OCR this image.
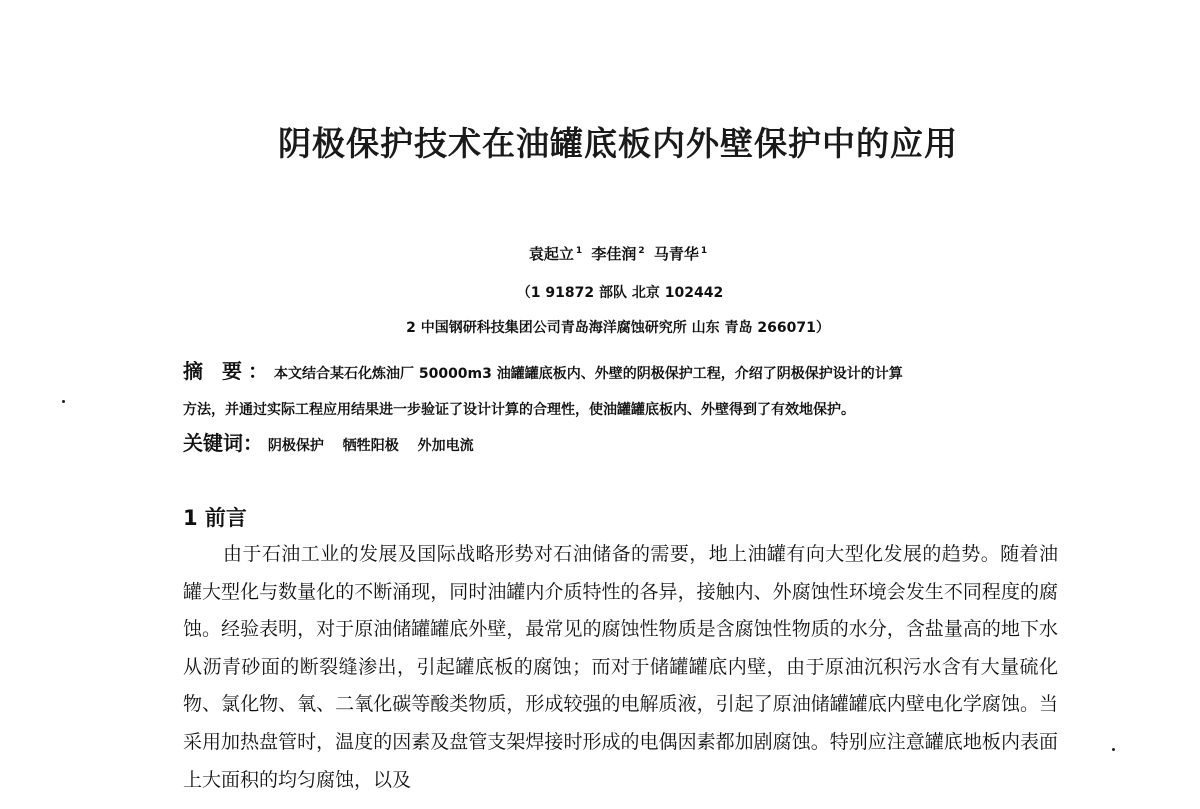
阴极保护技术在油罐底板内外壁保护中的应用
袁起立 $^1$ 李佳润 $^2$ 马青华 $^1$
（1 91872 部队 北京 102442
2 中国钢研科技集团公司青岛海洋腐蚀研究所 山东 青岛 266071）
摘 要：本文结合某石化炼油厂 50000m3 油罐罐底板内、外壁的阴极保护工程，介绍了阴极保护设计的计算
方法，并通过实际工程应用结果进一步验证了设计计算的合理性，使油罐罐底板内、外壁得到了有效地保护。
关键词： 阴极保护 牺牲阳极 外加电流
1 前言
由于石油工业的发展及国际战略形势对石油储备的需要，地上油罐有向大型化发展的趋势。随着油罐大型化与数量化的不断涌现，同时油罐内介质特性的各异，接触内、外腐蚀性环境会发生不同程度的腐蚀。经验表明，对于原油储罐罐底外壁，最常见的腐蚀性物质是含腐蚀性物质的水分，含盐量高的地下水从沥青砂面的断裂缝渗出，引起罐底板的腐蚀；而对于储罐罐底内壁，由于原油沉积污水含有大量硫化物、氯化物、氧、二氧化碳等酸类物质，形成较强的电解质液，引起了原油储罐罐底内壁电化学腐蚀。当采用加热盘管时，温度的因素及盘管支架焊接时形成的电偶因素都加剧腐蚀。特别应注意罐底地板内表面上大面积的均匀腐蚀，以及
